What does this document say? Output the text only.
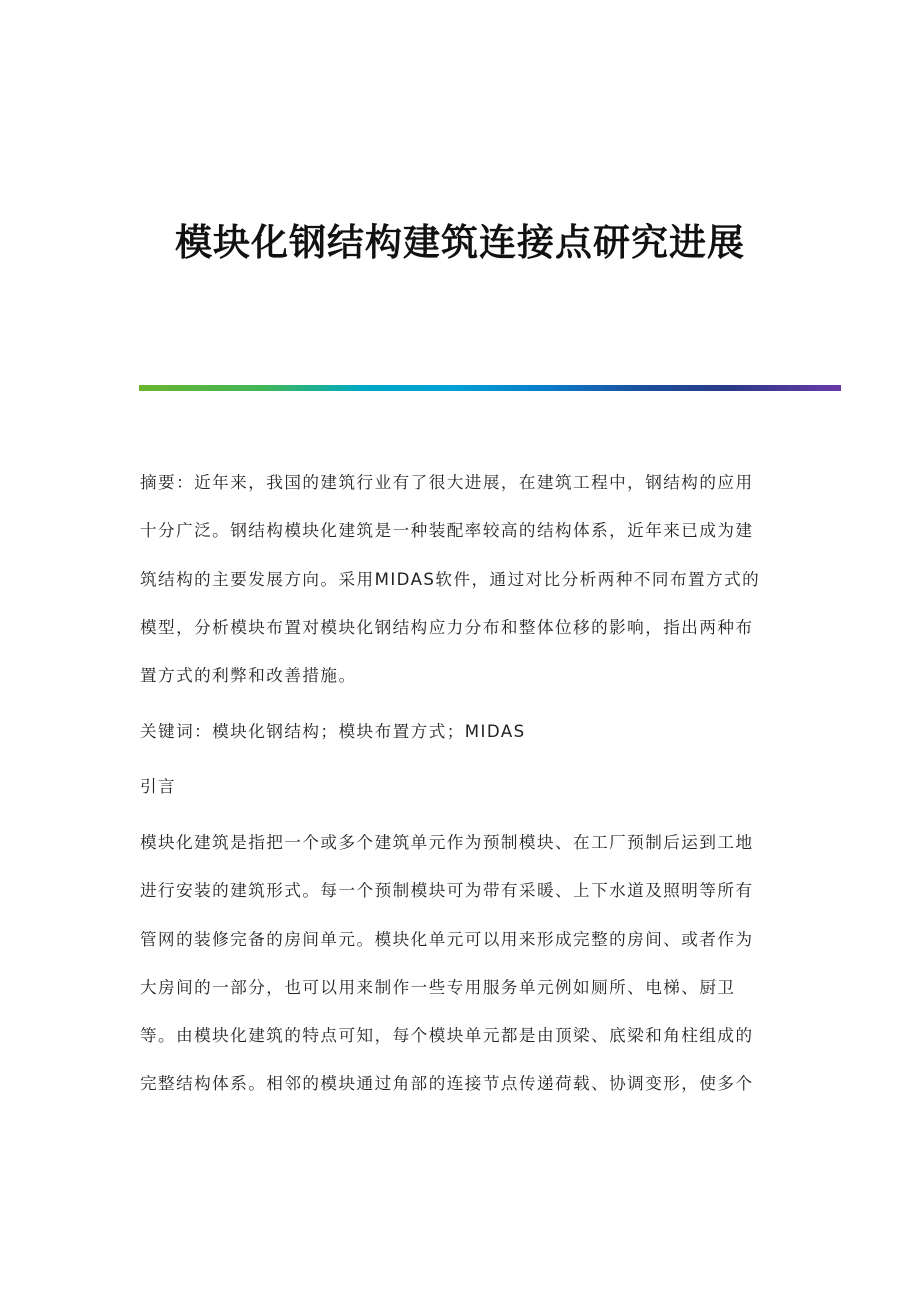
模块化钢结构建筑连接点研究进展
摘要：近年来，我国的建筑行业有了很大进展，在建筑工程中，钢结构的应用
十分广泛。钢结构模块化建筑是一种装配率较高的结构体系，近年来已成为建
筑结构的主要发展方向。采用MIDAS软件，通过对比分析两种不同布置方式的
模型，分析模块布置对模块化钢结构应力分布和整体位移的影响，指出两种布
置方式的利弊和改善措施。
关键词：模块化钢结构；模块布置方式；MIDAS
引言
模块化建筑是指把一个或多个建筑单元作为预制模块、在工厂预制后运到工地
进行安装的建筑形式。每一个预制模块可为带有采暖、上下水道及照明等所有
管网的装修完备的房间单元。模块化单元可以用来形成完整的房间、或者作为
大房间的一部分，也可以用来制作一些专用服务单元例如厕所、电梯、厨卫
等。由模块化建筑的特点可知，每个模块单元都是由顶梁、底梁和角柱组成的
完整结构体系。相邻的模块通过角部的连接节点传递荷载、协调变形，使多个
